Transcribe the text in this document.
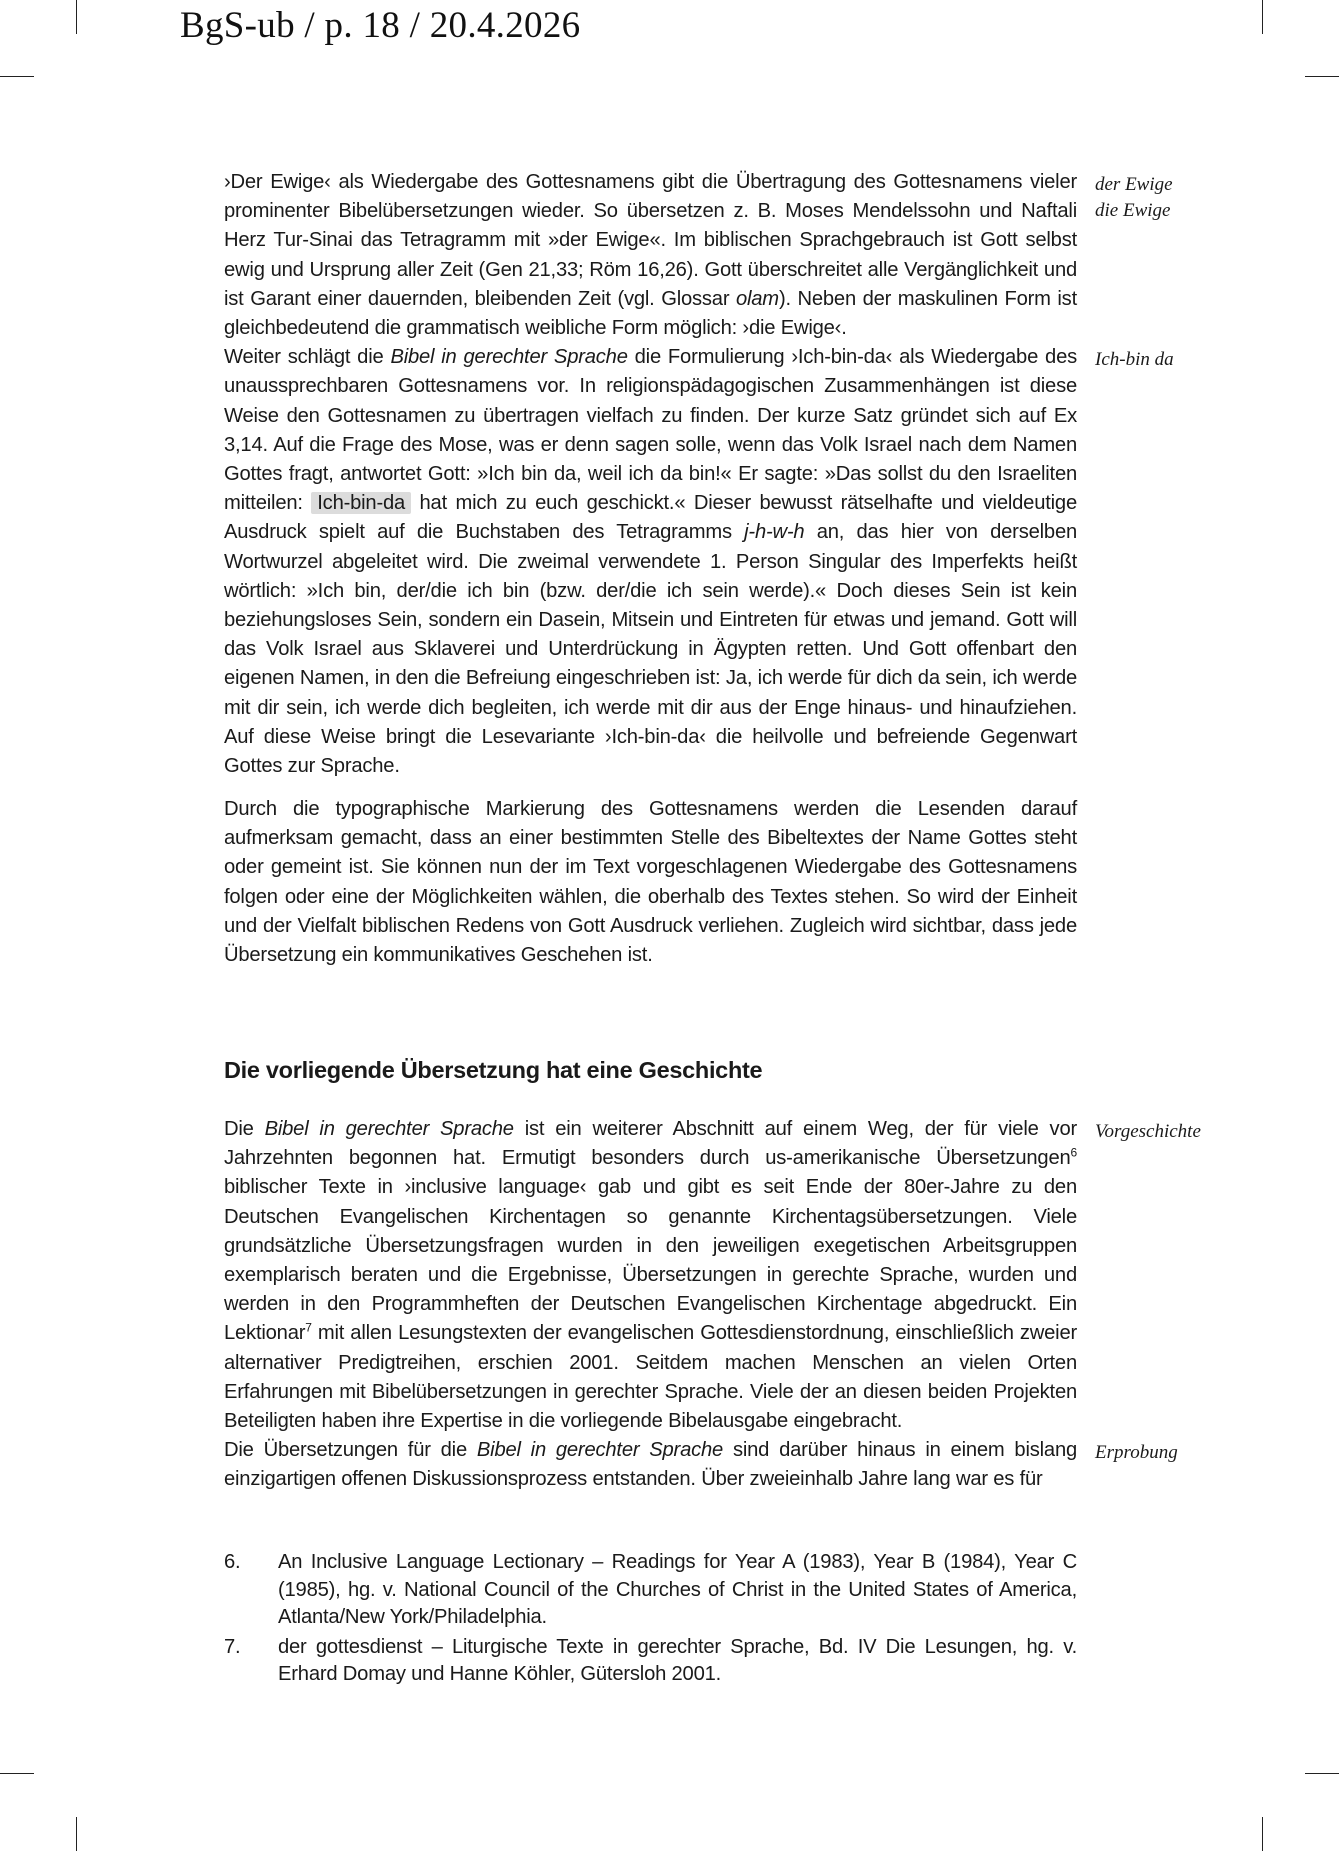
BgS-ub / p. 18 / 20.4.2026

›Der Ewige‹ als Wiedergabe des Gottesnamens gibt die Übertragung des Gottesnamens vieler prominenter Bibelübersetzungen wieder. So übersetzen z. B. Moses Mendelssohn und Naftali Herz Tur-Sinai das Tetragramm mit »der Ewige«. Im biblischen Sprachgebrauch ist Gott selbst ewig und Ursprung aller Zeit (Gen 21,33; Röm 16,26). Gott überschreitet alle Vergänglichkeit und ist Garant einer dauernden, bleibenden Zeit (vgl. Glossar olam). Neben der maskulinen Form ist gleichbedeutend die grammatisch weibliche Form möglich: ›die Ewige‹.

Weiter schlägt die Bibel in gerechter Sprache die Formulierung ›Ich-bin-da‹ als Wiedergabe des unaussprechbaren Gottesnamens vor. In religionspädagogischen Zusammenhängen ist diese Weise den Gottesnamen zu übertragen vielfach zu finden. Der kurze Satz gründet sich auf Ex 3,14. Auf die Frage des Mose, was er denn sagen solle, wenn das Volk Israel nach dem Namen Gottes fragt, antwortet Gott: »Ich bin da, weil ich da bin!« Er sagte: »Das sollst du den Israeliten mitteilen: Ich-bin-da hat mich zu euch geschickt.« Dieser bewusst rätselhafte und vieldeutige Ausdruck spielt auf die Buchstaben des Tetragramms j-h-w-h an, das hier von derselben Wortwurzel abgeleitet wird. Die zweimal verwendete 1. Person Singular des Imperfekts heißt wörtlich: »Ich bin, der/die ich bin (bzw. der/die ich sein werde).« Doch dieses Sein ist kein beziehungsloses Sein, sondern ein Dasein, Mitsein und Eintreten für etwas und jemand. Gott will das Volk Israel aus Sklaverei und Unterdrückung in Ägypten retten. Und Gott offenbart den eigenen Namen, in den die Befreiung eingeschrieben ist: Ja, ich werde für dich da sein, ich werde mit dir sein, ich werde dich begleiten, ich werde mit dir aus der Enge hinaus- und hinaufziehen. Auf diese Weise bringt die Lesevariante ›Ich-bin-da‹ die heilvolle und befreiende Gegenwart Gottes zur Sprache.

Durch die typographische Markierung des Gottesnamens werden die Lesenden darauf aufmerksam gemacht, dass an einer bestimmten Stelle des Bibeltextes der Name Gottes steht oder gemeint ist. Sie können nun der im Text vorgeschlagenen Wiedergabe des Gottesnamens folgen oder eine der Möglichkeiten wählen, die oberhalb des Textes stehen. So wird der Einheit und der Vielfalt biblischen Redens von Gott Ausdruck verliehen. Zugleich wird sichtbar, dass jede Übersetzung ein kommunikatives Geschehen ist.

der Ewige
die Ewige
Ich-bin da
Vorgeschichte
Erprobung
Die vorliegende Übersetzung hat eine Geschichte

Die Bibel in gerechter Sprache ist ein weiterer Abschnitt auf einem Weg, der für viele vor Jahrzehnten begonnen hat. Ermutigt besonders durch us-amerikanische Übersetzungen$^6$ biblischer Texte in ›inclusive language‹ gab und gibt es seit Ende der 80er-Jahre zu den Deutschen Evangelischen Kirchentagen so genannte Kirchentagsübersetzungen. Viele grundsätzliche Übersetzungsfragen wurden in den jeweiligen exegetischen Arbeitsgruppen exemplarisch beraten und die Ergebnisse, Übersetzungen in gerechte Sprache, wurden und werden in den Programmheften der Deutschen Evangelischen Kirchentage abgedruckt. Ein Lektionar$^7$ mit allen Lesungstexten der evangelischen Gottesdienstordnung, einschließlich zweier alternativer Predigtreihen, erschien 2001. Seitdem machen Menschen an vielen Orten Erfahrungen mit Bibelübersetzungen in gerechter Sprache. Viele der an diesen beiden Projekten Beteiligten haben ihre Expertise in die vorliegende Bibelausgabe eingebracht.

Die Übersetzungen für die Bibel in gerechter Sprache sind darüber hinaus in einem bislang einzigartigen offenen Diskussionsprozess entstanden. Über zweieinhalb Jahre lang war es für

6. An Inclusive Language Lectionary – Readings for Year A (1983), Year B (1984), Year C (1985), hg. v. National Council of the Churches of Christ in the United States of America, Atlanta/New York/Philadelphia.
7. der gottesdienst – Liturgische Texte in gerechter Sprache, Bd. IV Die Lesungen, hg. v. Erhard Domay und Hanne Köhler, Gütersloh 2001.
